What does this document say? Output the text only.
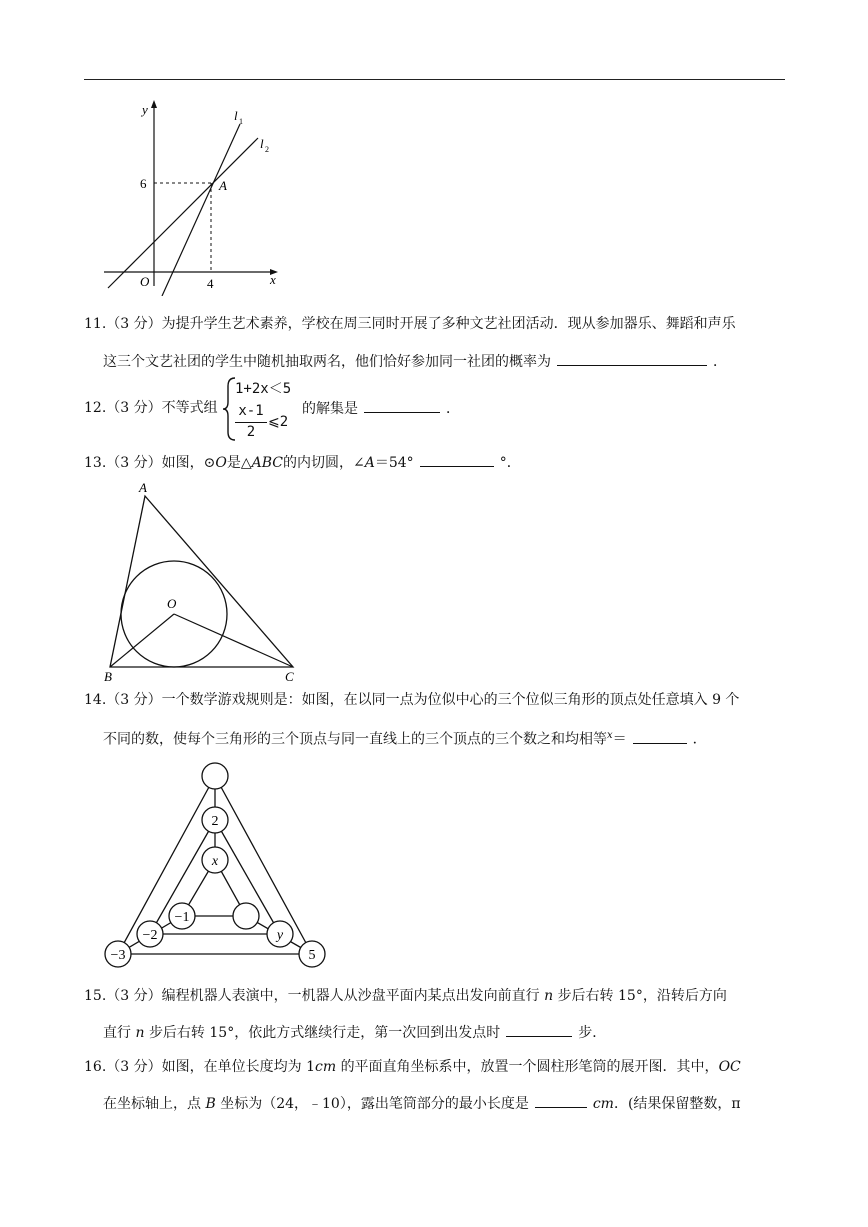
y
x
O
l 1
l 2
6
4
A
11.（3 分）为提升学生艺术素养，学校在周三同时开展了多种文艺社团活动．现从参加器乐、舞蹈和声乐
这三个文艺社团的学生中随机抽取两名，他们恰好参加同一社团的概率为	．
12.（3 分）不等式组
1+2x＜5
x-1
2
⩽2
的解集是	．
13.（3 分）如图，⊙O是△ABC的内切圆，∠A＝54°	°．
A
B	C
O
14.（3 分）一个数学游戏规则是：如图，在以同一点为位似中心的三个位似三角形的顶点处任意填入 9 个
不同的数，使每个三角形的三个顶点与同一直线上的三个顶点的三个数之和均相等$^x$＝	．
2
x
−1
−2	y
−3	5
15.（3 分）编程机器人表演中，一机器人从沙盘平面内某点出发向前直行 n 步后右转 15°，沿转后方向
直行 n 步后右转 15°，依此方式继续行走，第一次回到出发点时	步．
16.（3 分）如图，在单位长度均为 1cm 的平面直角坐标系中，放置一个圆柱形笔筒的展开图．其中，OC
在坐标轴上，点 B 坐标为（24，﹣10），露出笔筒部分的最小长度是	cm．(结果保留整数，π
